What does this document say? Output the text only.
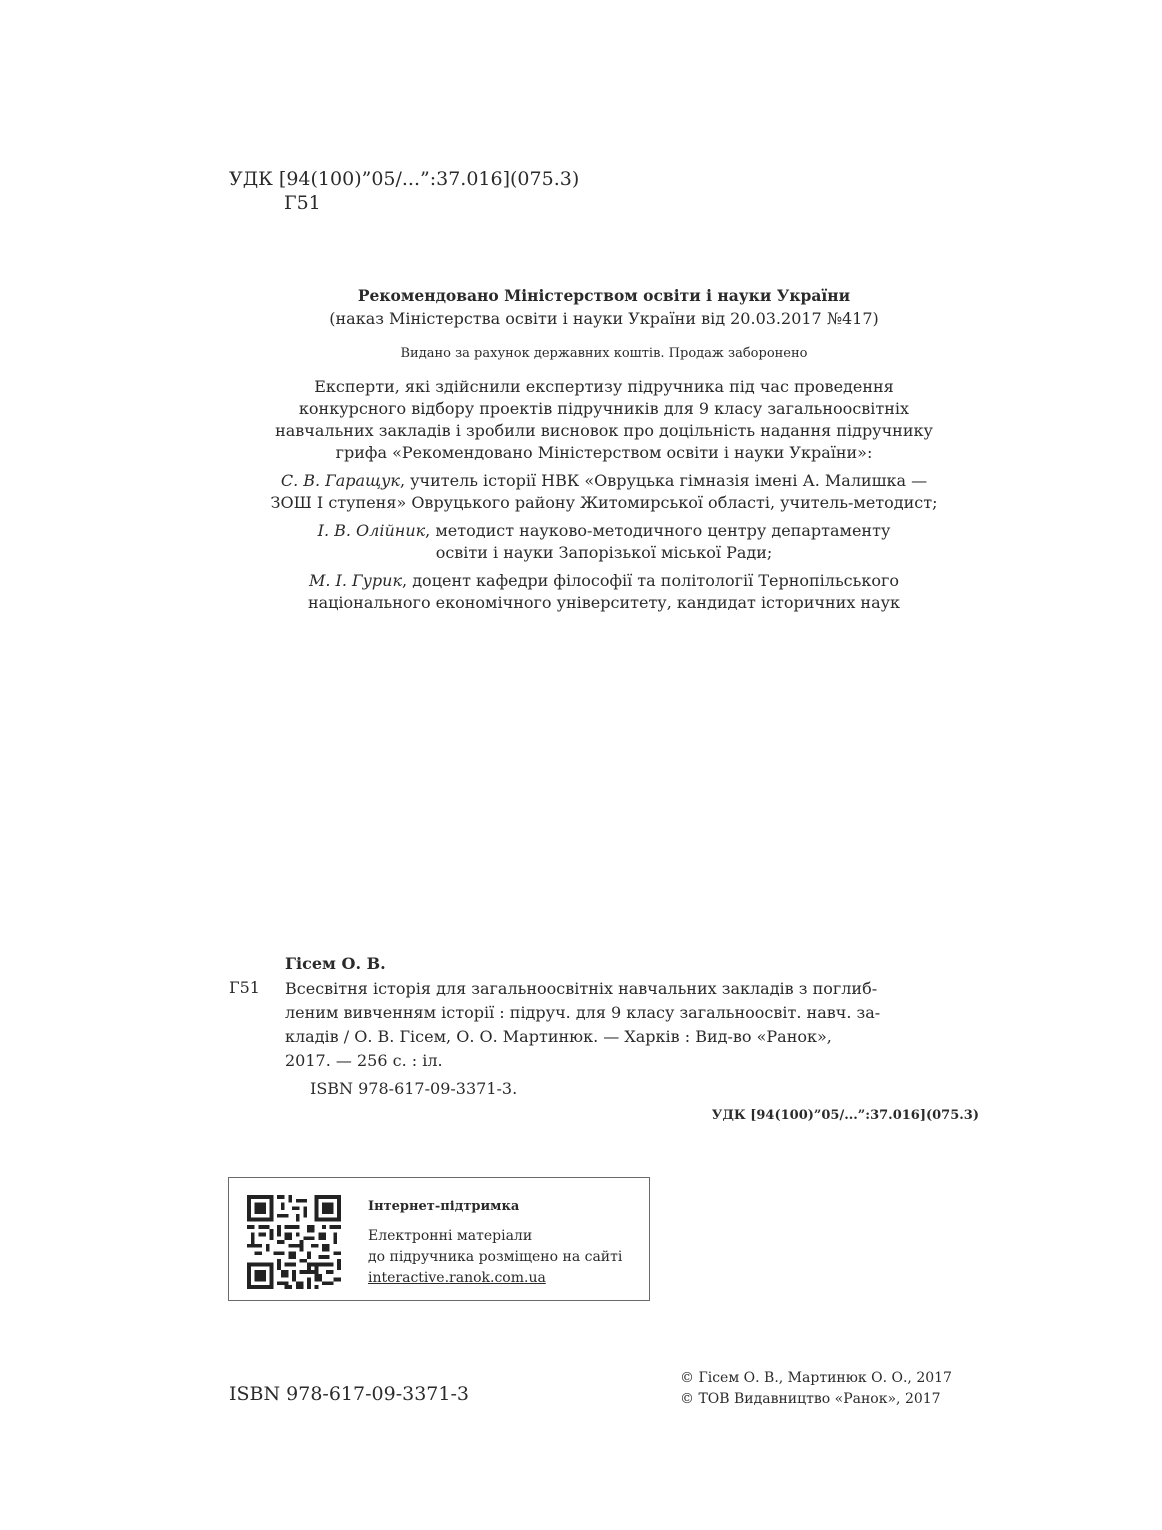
УДК [94(100)”05/...”:37.016](075.3)
Г51
Рекомендовано Міністерством освіти і науки України
(наказ Міністерства освіти і науки України від 20.03.2017 №417)
Видано за рахунок державних коштів. Продаж заборонено
Експерти, які здійснили експертизу підручника під час проведення
конкурсного відбору проектів підручників для 9 класу загальноосвітніх
навчальних закладів і зробили висновок про доцільність надання підручнику
грифа «Рекомендовано Міністерством освіти і науки України»:
С. В. Гаращук, учитель історії НВК «Овруцька гімназія імені А. Малишка —
ЗОШ І ступеня» Овруцького району Житомирської області, учитель-методист;
І. В. Олійник, методист науково-методичного центру департаменту
освіти і науки Запорізької міської Ради;
М. І. Гурик, доцент кафедри філософії та політології Тернопільського
національного економічного університету, кандидат історичних наук
Гісем О. В.
Г51 Всесвітня історія для загальноосвітніх навчальних закладів з поглиб-
леним вивченням історії : підруч. для 9 класу загальноосвіт. навч. за-
кладів / О. В. Гісем, О. О. Мартинюк. — Харків : Вид-во «Ранок»,
2017. — 256 с. : іл.
ISBN 978-617-09-3371-3.
УДК [94(100)”05/...”:37.016](075.3)
Інтернет-підтримка
Електронні матеріали
до підручника розміщено на сайті
interactive.ranok.com.ua
ISBN 978-617-09-3371-3
© Гісем О. В., Мартинюк О. О., 2017
© ТОВ Видавництво «Ранок», 2017
